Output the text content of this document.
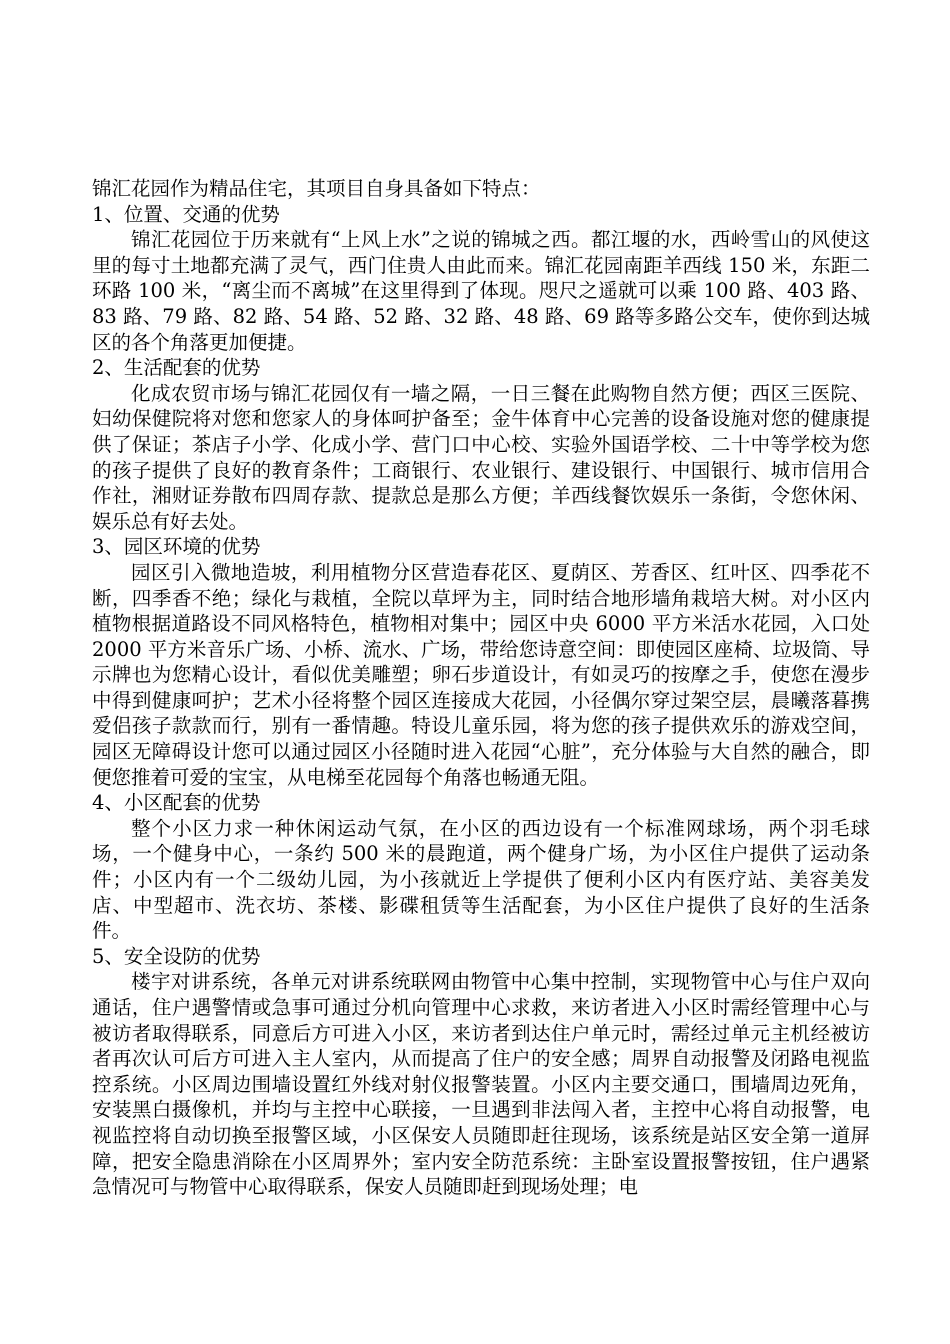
锦汇花园作为精品住宅，其项目自身具备如下特点：

1、位置、交通的优势

锦汇花园位于历来就有“上风上水”之说的锦城之西。都江堰的水，西岭雪山的风使这里的每寸土地都充满了灵气，西门住贵人由此而来。锦汇花园南距羊西线 150 米，东距二环路 100 米，“离尘而不离城”在这里得到了体现。咫尺之遥就可以乘 100 路、403 路、83 路、79 路、82 路、54 路、52 路、32 路、48 路、69 路等多路公交车，使你到达城区的各个角落更加便捷。

2、生活配套的优势

化成农贸市场与锦汇花园仅有一墙之隔，一日三餐在此购物自然方便；西区三医院、妇幼保健院将对您和您家人的身体呵护备至；金牛体育中心完善的设备设施对您的健康提供了保证；茶店子小学、化成小学、营门口中心校、实验外国语学校、二十中等学校为您的孩子提供了良好的教育条件；工商银行、农业银行、建设银行、中国银行、城市信用合作社，湘财证券散布四周存款、提款总是那么方便；羊西线餐饮娱乐一条街，令您休闲、娱乐总有好去处。

3、园区环境的优势

园区引入微地造坡，利用植物分区营造春花区、夏荫区、芳香区、红叶区、四季花不断，四季香不绝；绿化与栽植，全院以草坪为主，同时结合地形墙角栽培大树。对小区内植物根据道路设不同风格特色，植物相对集中；园区中央 6000 平方米活水花园，入口处 2000 平方米音乐广场、小桥、流水、广场，带给您诗意空间：即使园区座椅、垃圾筒、导示牌也为您精心设计，看似优美雕塑；卵石步道设计，有如灵巧的按摩之手，使您在漫步中得到健康呵护；艺术小径将整个园区连接成大花园，小径偶尔穿过架空层，晨曦落暮携爱侣孩子款款而行，别有一番情趣。特设儿童乐园，将为您的孩子提供欢乐的游戏空间，园区无障碍设计您可以通过园区小径随时进入花园“心脏”，充分体验与大自然的融合，即便您推着可爱的宝宝，从电梯至花园每个角落也畅通无阻。

4、小区配套的优势

整个小区力求一种休闲运动气氛，在小区的西边设有一个标准网球场，两个羽毛球场，一个健身中心，一条约 500 米的晨跑道，两个健身广场，为小区住户提供了运动条件；小区内有一个二级幼儿园，为小孩就近上学提供了便利小区内有医疗站、美容美发店、中型超市、洗衣坊、茶楼、影碟租赁等生活配套，为小区住户提供了良好的生活条件。

5、安全设防的优势

楼宇对讲系统，各单元对讲系统联网由物管中心集中控制，实现物管中心与住户双向通话，住户遇警情或急事可通过分机向管理中心求救，来访者进入小区时需经管理中心与被访者取得联系，同意后方可进入小区，来访者到达住户单元时，需经过单元主机经被访者再次认可后方可进入主人室内，从而提高了住户的安全感；周界自动报警及闭路电视监控系统。小区周边围墙设置红外线对射仪报警装置。小区内主要交通口，围墙周边死角，安装黑白摄像机，并均与主控中心联接，一旦遇到非法闯入者，主控中心将自动报警，电视监控将自动切换至报警区域，小区保安人员随即赶往现场，该系统是站区安全第一道屏障，把安全隐患消除在小区周界外；室内安全防范系统：主卧室设置报警按钮，住户遇紧急情况可与物管中心取得联系，保安人员随即赶到现场处理；电
